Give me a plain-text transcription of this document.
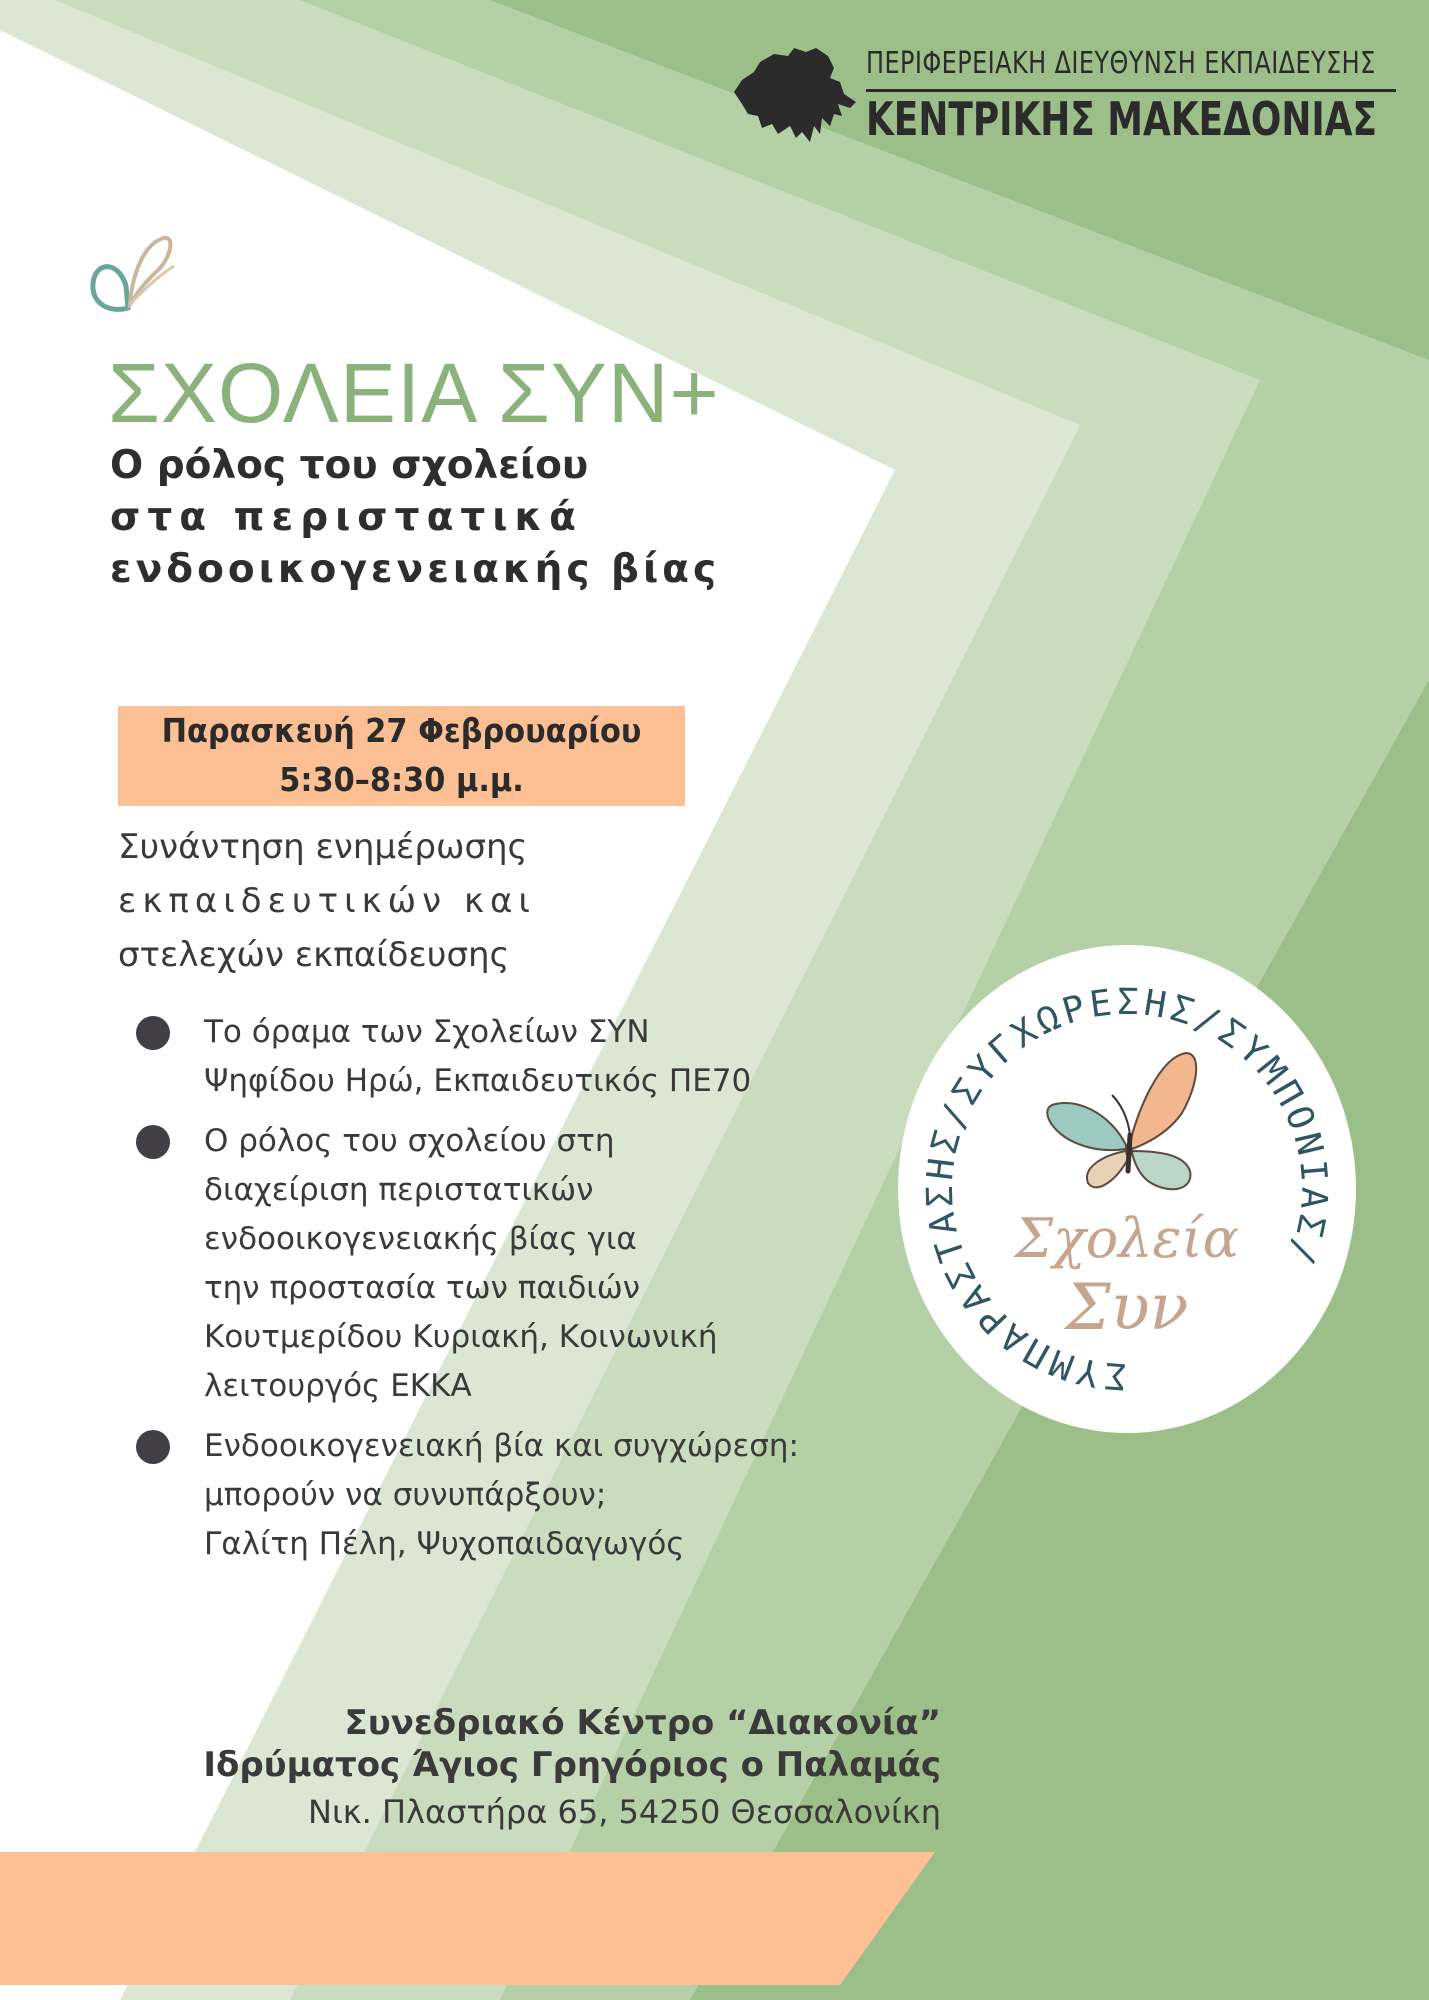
ΠΕΡΙΦΕΡΕΙΑΚΗ ΔΙΕΥΘΥΝΣΗ ΕΚΠΑΙΔΕΥΣΗΣ
ΚΕΝΤΡΙΚΗΣ ΜΑΚΕΔΟΝΙΑΣ
ΣΧΟΛΕΙΑ ΣΥΝ+
Ο ρόλος του σχολείου
στα περιστατικά
ενδοοικογενειακής βίας
Παρασκευή 27 Φεβρουαρίου
5:30–8:30 μ.μ.
Συνάντηση ενημέρωσης
εκπαιδευτικών και
στελεχών εκπαίδευσης
Το όραμα των Σχολείων ΣΥΝ
Ψηφίδου Ηρώ, Εκπαιδευτικός ΠΕ70
Ο ρόλος του σχολείου στη
διαχείριση περιστατικών
ενδοοικογενειακής βίας για
την προστασία των παιδιών
Κουτμερίδου Κυριακή, Κοινωνική
λειτουργός ΕΚΚΑ
Ενδοοικογενειακή βία και συγχώρεση:
μπορούν να συνυπάρξουν;
Γαλίτη Πέλη, Ψυχοπαιδαγωγός
ΣΥΜΠΑΡΑΣΤΑΣΗΣ/ΣΥΓΧΩΡΕΣΗΣ/ΣΥΜΠΟΝΙΑΣ/
Σχολεία
Συν
Συνεδριακό Κέντρο “Διακονία”
Ιδρύματος Άγιος Γρηγόριος ο Παλαμάς
Νικ. Πλαστήρα 65, 54250 Θεσσαλονίκη
